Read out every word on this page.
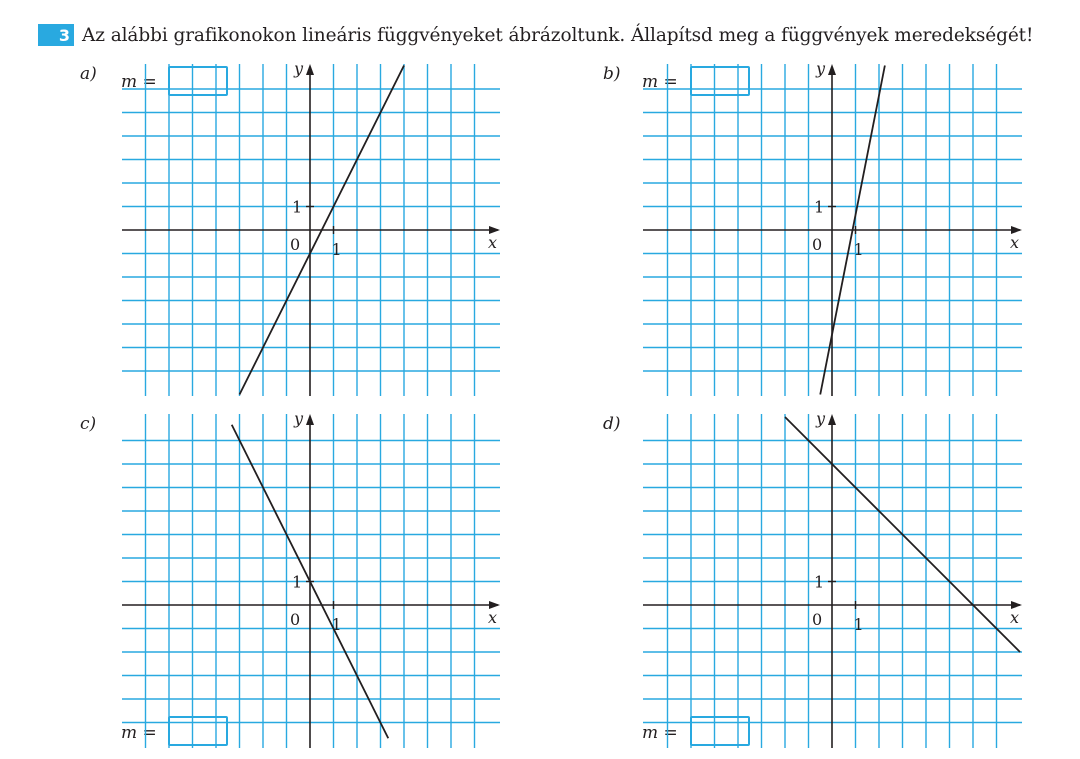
3 Az alábbi grafikonokon lineáris függvényeket ábrázoltunk. Állapítsd meg a függvények meredekségét!
a) m =	b) m =
c)
m =
d)
m =
0 1
1
x
y
0 1
1
x
y
0 1
1
x
y
0 1
1
x
y
